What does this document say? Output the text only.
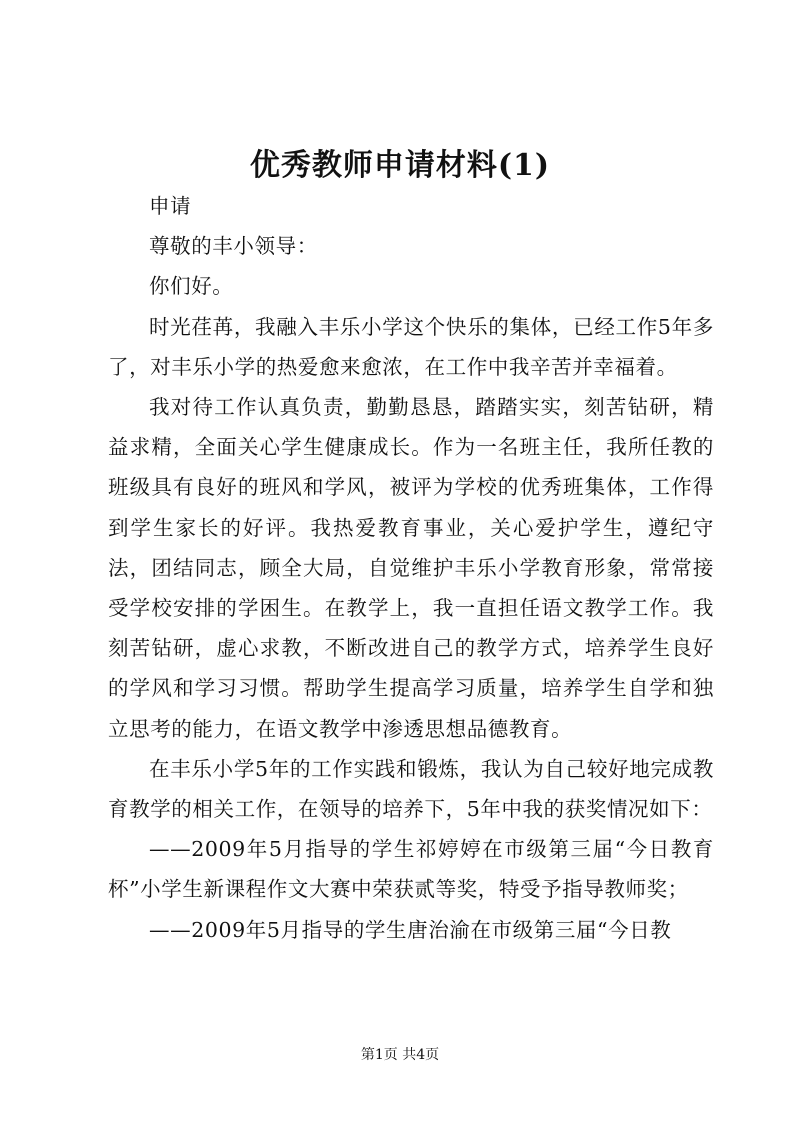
优秀教师申请材料(1)

申请

尊敬的丰小领导：

你们好。

时光荏苒，我融入丰乐小学这个快乐的集体，已经工作5年多了，对丰乐小学的热爱愈来愈浓，在工作中我辛苦并幸福着。

我对待工作认真负责，勤勤恳恳，踏踏实实，刻苦钻研，精益求精，全面关心学生健康成长。作为一名班主任，我所任教的班级具有良好的班风和学风，被评为学校的优秀班集体，工作得到学生家长的好评。我热爱教育事业，关心爱护学生，遵纪守法，团结同志，顾全大局，自觉维护丰乐小学教育形象，常常接受学校安排的学困生。在教学上，我一直担任语文教学工作。我刻苦钻研，虚心求教，不断改进自己的教学方式，培养学生良好的学风和学习习惯。帮助学生提高学习质量，培养学生自学和独立思考的能力，在语文教学中渗透思想品德教育。

在丰乐小学5年的工作实践和锻炼，我认为自己较好地完成教育教学的相关工作，在领导的培养下，5年中我的获奖情况如下：

——2009年5月指导的学生祁婷婷在市级第三届“今日教育杯”小学生新课程作文大赛中荣获贰等奖，特受予指导教师奖；

——2009年5月指导的学生唐治渝在市级第三届“今日教

第1页 共4页
